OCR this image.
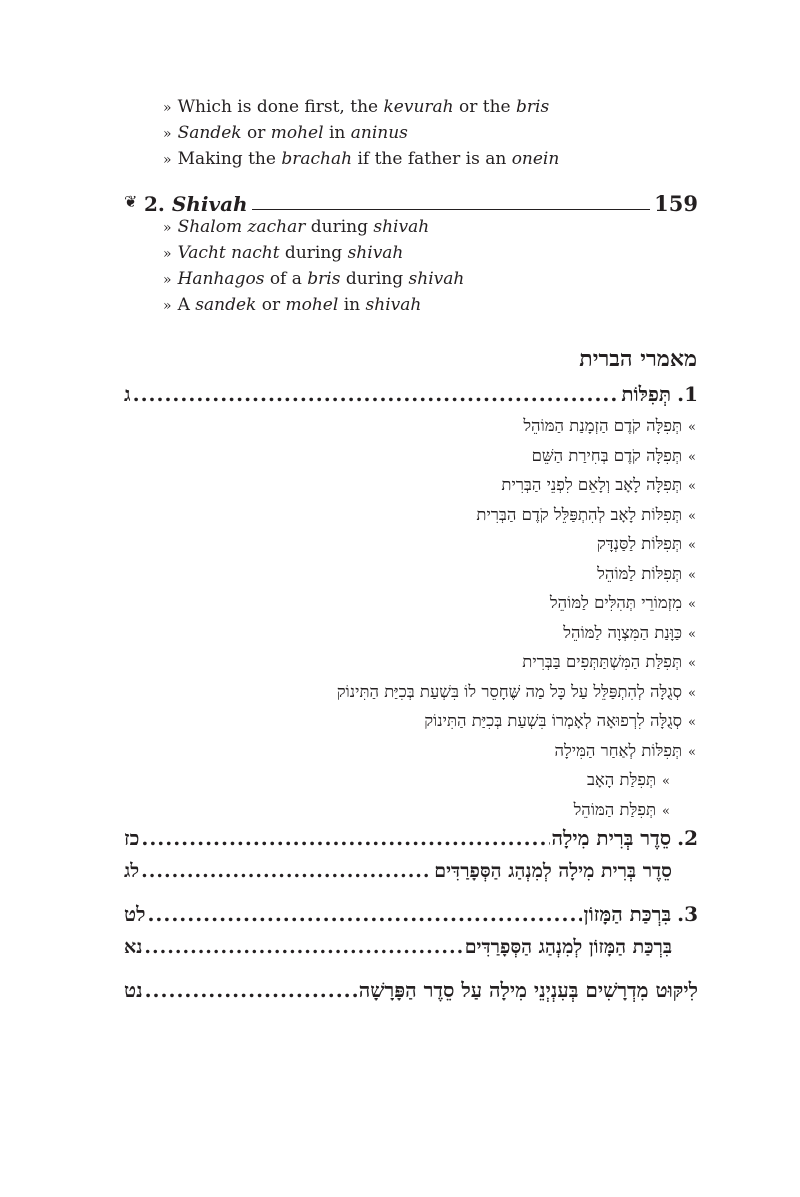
» Which is done first, the kevurah or the bris
» Sandek or mohel in aninus
» Making the brachah if the father is an onein
❦ 2. Shivah	159
» Shalom zachar during shivah
» Vacht nacht during shivah
» Hanhagos of a bris during shivah
» A sandek or mohel in shivah
מאמרי הברית
.1
תְּפִלּוֹת
.....
ג
»תְּפִלָּה קֹדֶם הַזְמָנַת הַמּוֹהֵל
»תְּפִלָּה קֹדֶם בְּחִירַת הַשֵּׁם
»תְּפִלָּה לָאָב וְלָאֵם לִפְנֵי הַבְּרִית
»תְּפִלּוֹת לָאָב לְהִתְפַּלֵּל קֹדֶם הַבְּרִית
»תְּפִלּוֹת לַסַּנְדָּק
»תְּפִלּוֹת לַמּוֹהֵל
»מִזְמוֹרֵי תְּהִלִּים לַמּוֹהֵל
»כַּוָּנַת הַמִּצְוָה לַמּוֹהֵל
»תְּפִלַּת הַמִּשְׁתַּתְּפִים בַּבְּרִית
»סְגֻלָּה לְהִתְפַּלֵּל עַל כָּל מַה שֶּׁחָסֵר לוֹ בִּשְׁעַת בְּכִיַּת הַתִּינוֹק
»סְגֻלָּה לִרְפוּאָה לְאָמְרוֹ בִּשְׁעַת בְּכִיַּת הַתִּינוֹק
»תְּפִלּוֹת לְאַחַר הַמִּילָה
»תְּפִלַּת הָאָב
»תְּפִלַּת הַמּוֹהֵל
.2
סֵדֶר בְּרִית מִילָה
.....
כז
סֵדֶר בְּרִית מִילָה לְמִנְהַג הַסְּפָרַדִּים
.....
לג
.3
בִּרְכַּת הַמָּזוֹן
.....
לט
בִּרְכַּת הַמָּזוֹן לְמִנְהַג הַסְּפָרַדִּים
.....
נא
לִיקּוּט מִדְרָשִׁים בְּעִנְיְנֵי מִילָה עַל סֵדֶר הַפָּרָשָׁה
.....
נט
